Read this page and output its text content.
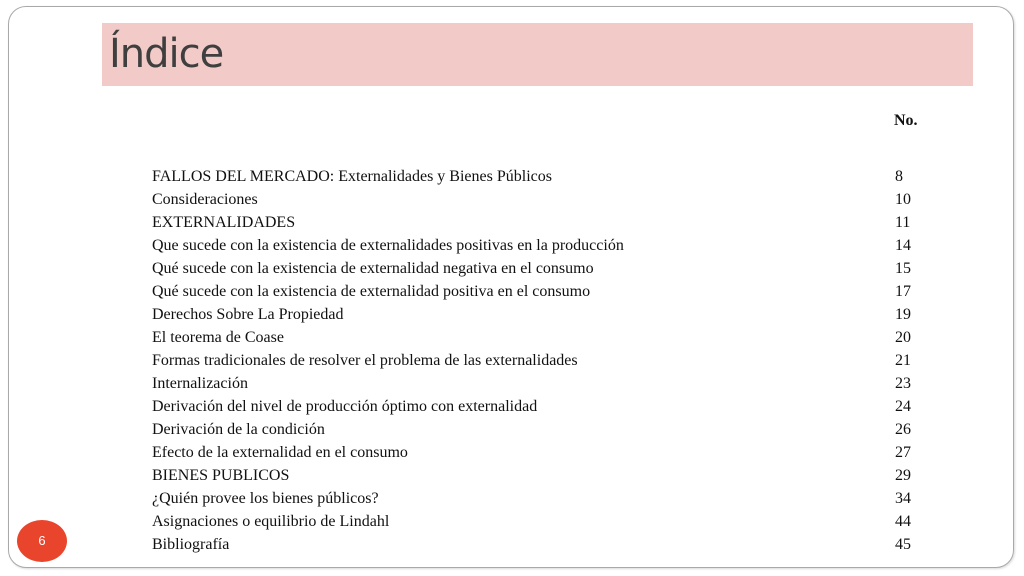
Índice
No.
FALLOS DEL MERCADO: Externalidades y Bienes Públicos	8
Consideraciones	10
EXTERNALIDADES	11
Que sucede con la existencia de externalidades positivas en la producción	14
Qué sucede con la existencia de externalidad negativa en el consumo	15
Qué sucede con la existencia de externalidad positiva en el consumo	17
Derechos Sobre La Propiedad	19
El teorema de Coase	20
Formas tradicionales de resolver el problema de las externalidades	21
Internalización	23
Derivación del nivel de producción óptimo con externalidad	24
Derivación de la condición	26
Efecto de la externalidad en el consumo	27
BIENES PUBLICOS	29
¿Quién provee los bienes públicos?	34
Asignaciones o equilibrio de Lindahl	44
Bibliografía	45
6
